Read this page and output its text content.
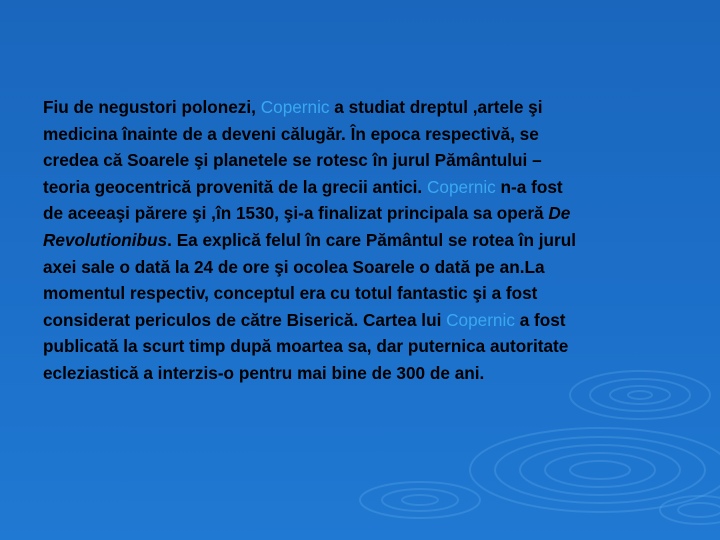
Fiu de negustori polonezi, Copernic a studiat dreptul ,artele şi
medicina înainte de a deveni călugăr. În epoca respectivă, se
credea că Soarele şi planetele se rotesc în jurul Pământului –
teoria geocentrică provenită de la grecii antici. Copernic n-a fost
de aceeaşi părere şi ,în 1530, şi-a finalizat principala sa operă De
Revolutionibus. Ea explică felul în care Pământul se rotea în jurul
axei sale o dată la 24 de ore şi ocolea Soarele o dată pe an.La
momentul respectiv, conceptul era cu totul fantastic şi a fost
considerat periculos de către Biserică. Cartea lui Copernic a fost
publicată la scurt timp după moartea sa, dar puternica autoritate
ecleziastică a interzis-o pentru mai bine de 300 de ani.
